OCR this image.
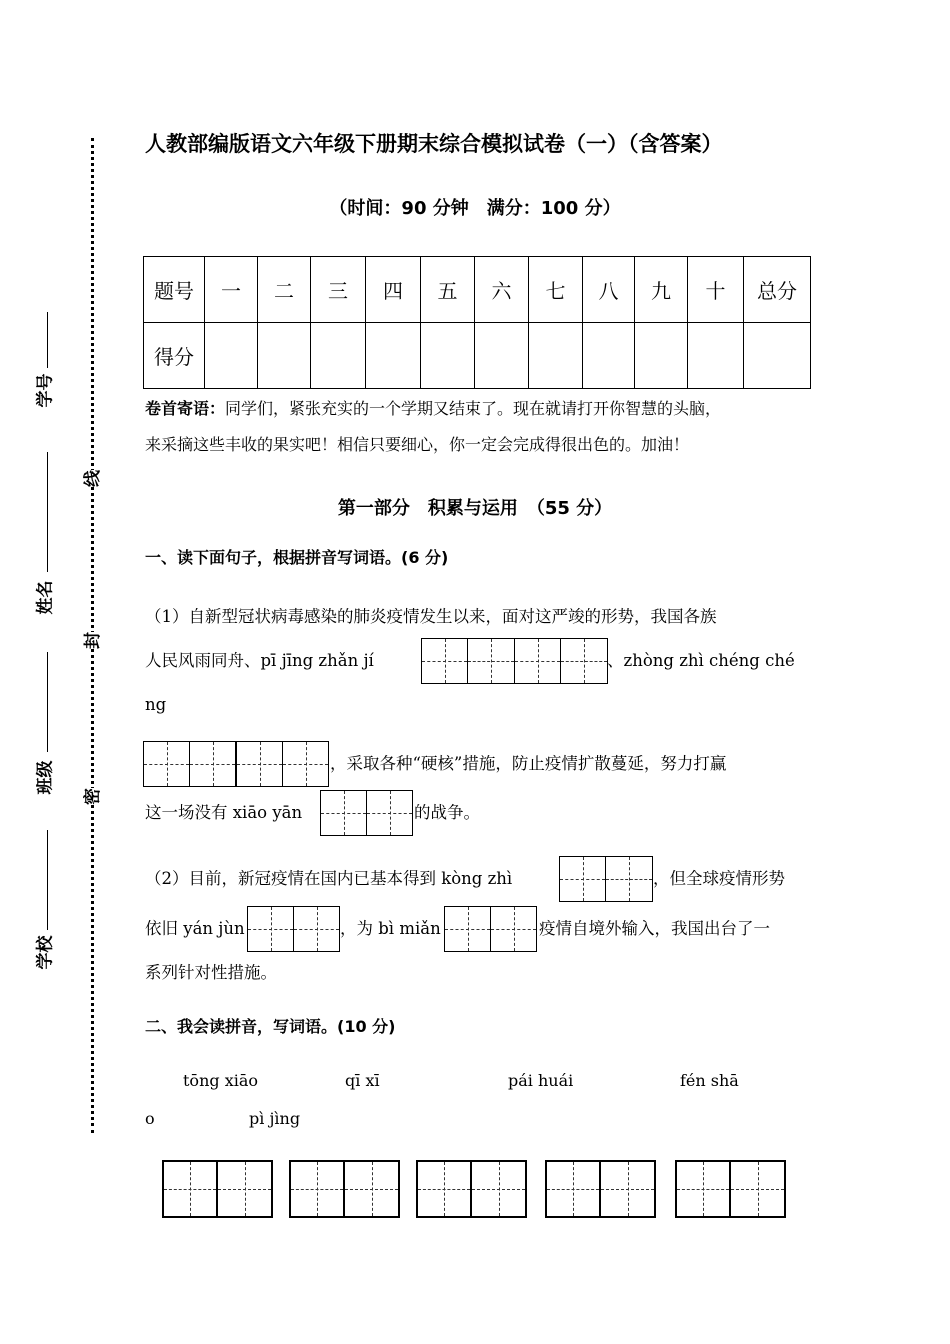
学号
姓名
班级
学校
线
封
密
人教部编版语文六年级下册期末综合模拟试卷（一）（含答案）
（时间：90 分钟　满分：100 分）
题号	一	二	三	四	五	六	七	八	九	十	总分
得分											
卷首寄语：同学们，紧张充实的一个学期又结束了。现在就请打开你智慧的头脑，
来采摘这些丰收的果实吧！相信只要细心，你一定会完成得很出色的。加油！
第一部分　积累与运用　（55 分）
一、读下面句子，根据拼音写词语。(6 分)
（1）自新型冠状病毒感染的肺炎疫情发生以来，面对这严竣的形势，我国各族
人民风雨同舟、pī jīng zhǎn jí	、zhòng zhì chéng ché
ng
，采取各种“硬核”措施，防止疫情扩散蔓延，努力打赢
这一场没有 xiāo yān	的战争。
（2）目前，新冠疫情在国内已基本得到 kòng zhì	，但全球疫情形势
依旧 yán jùn	，为 bì miǎn	疫情自境外输入，我国出台了一
系列针对性措施。
二、我会读拼音，写词语。(10 分)
tōng xiāo	qī xī	pái huái	fén shā
o	pì jìng
